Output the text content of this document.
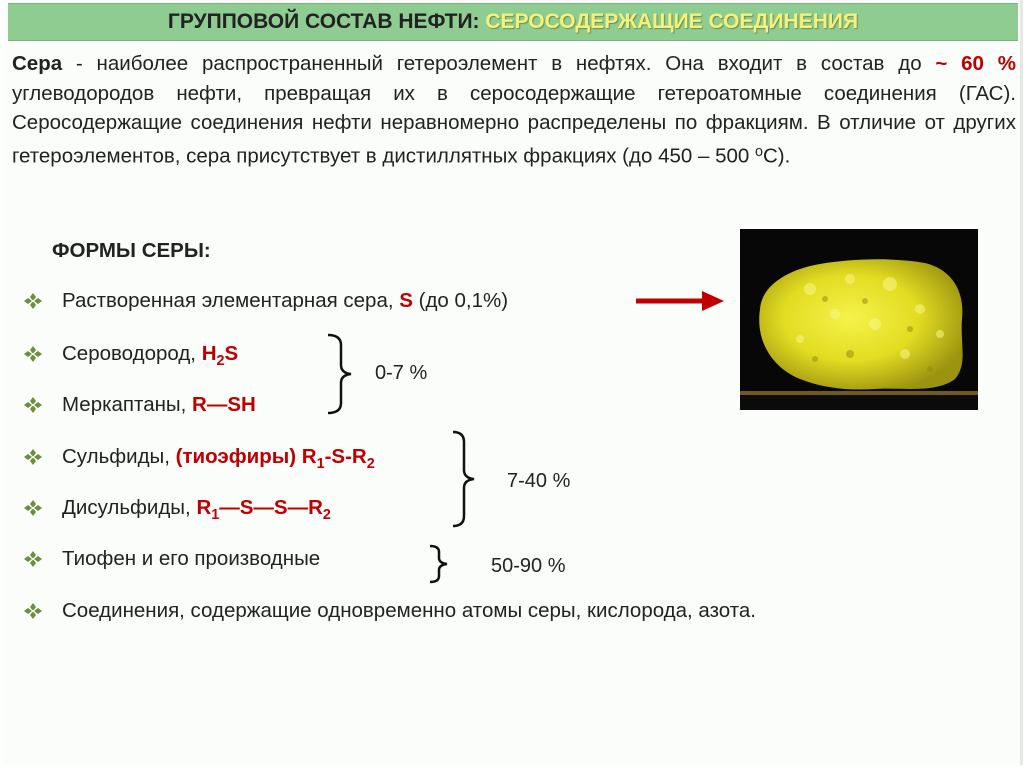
ГРУППОВОЙ СОСТАВ НЕФТИ: СЕРОСОДЕРЖАЩИЕ СОЕДИНЕНИЯ
Сера - наиболее распространенный гетероэлемент в нефтях. Она входит в состав до ~ 60 % углеводородов нефти, превращая их в серосодержащие гетероатомные соединения (ГАС). Серосодержащие соединения нефти неравномерно распределены по фракциям. В отличие от других гетероэлементов, сера присутствует в дистиллятных фракциях (до 450 – 500 $^o$С).
ФОРМЫ СЕРЫ:
Растворенная элементарная сера, S (до 0,1%)
Сероводород, $H_2S$
Меркаптаны, R—SH
0-7 %
Сульфиды, (тиоэфиры) $R_1-S-R_2$
Дисульфиды, $R_1—S—S—R_2$
7-40 %
Тиофен и его производные	50-90 %
Соединения, содержащие одновременно атомы серы, кислорода, азота.
